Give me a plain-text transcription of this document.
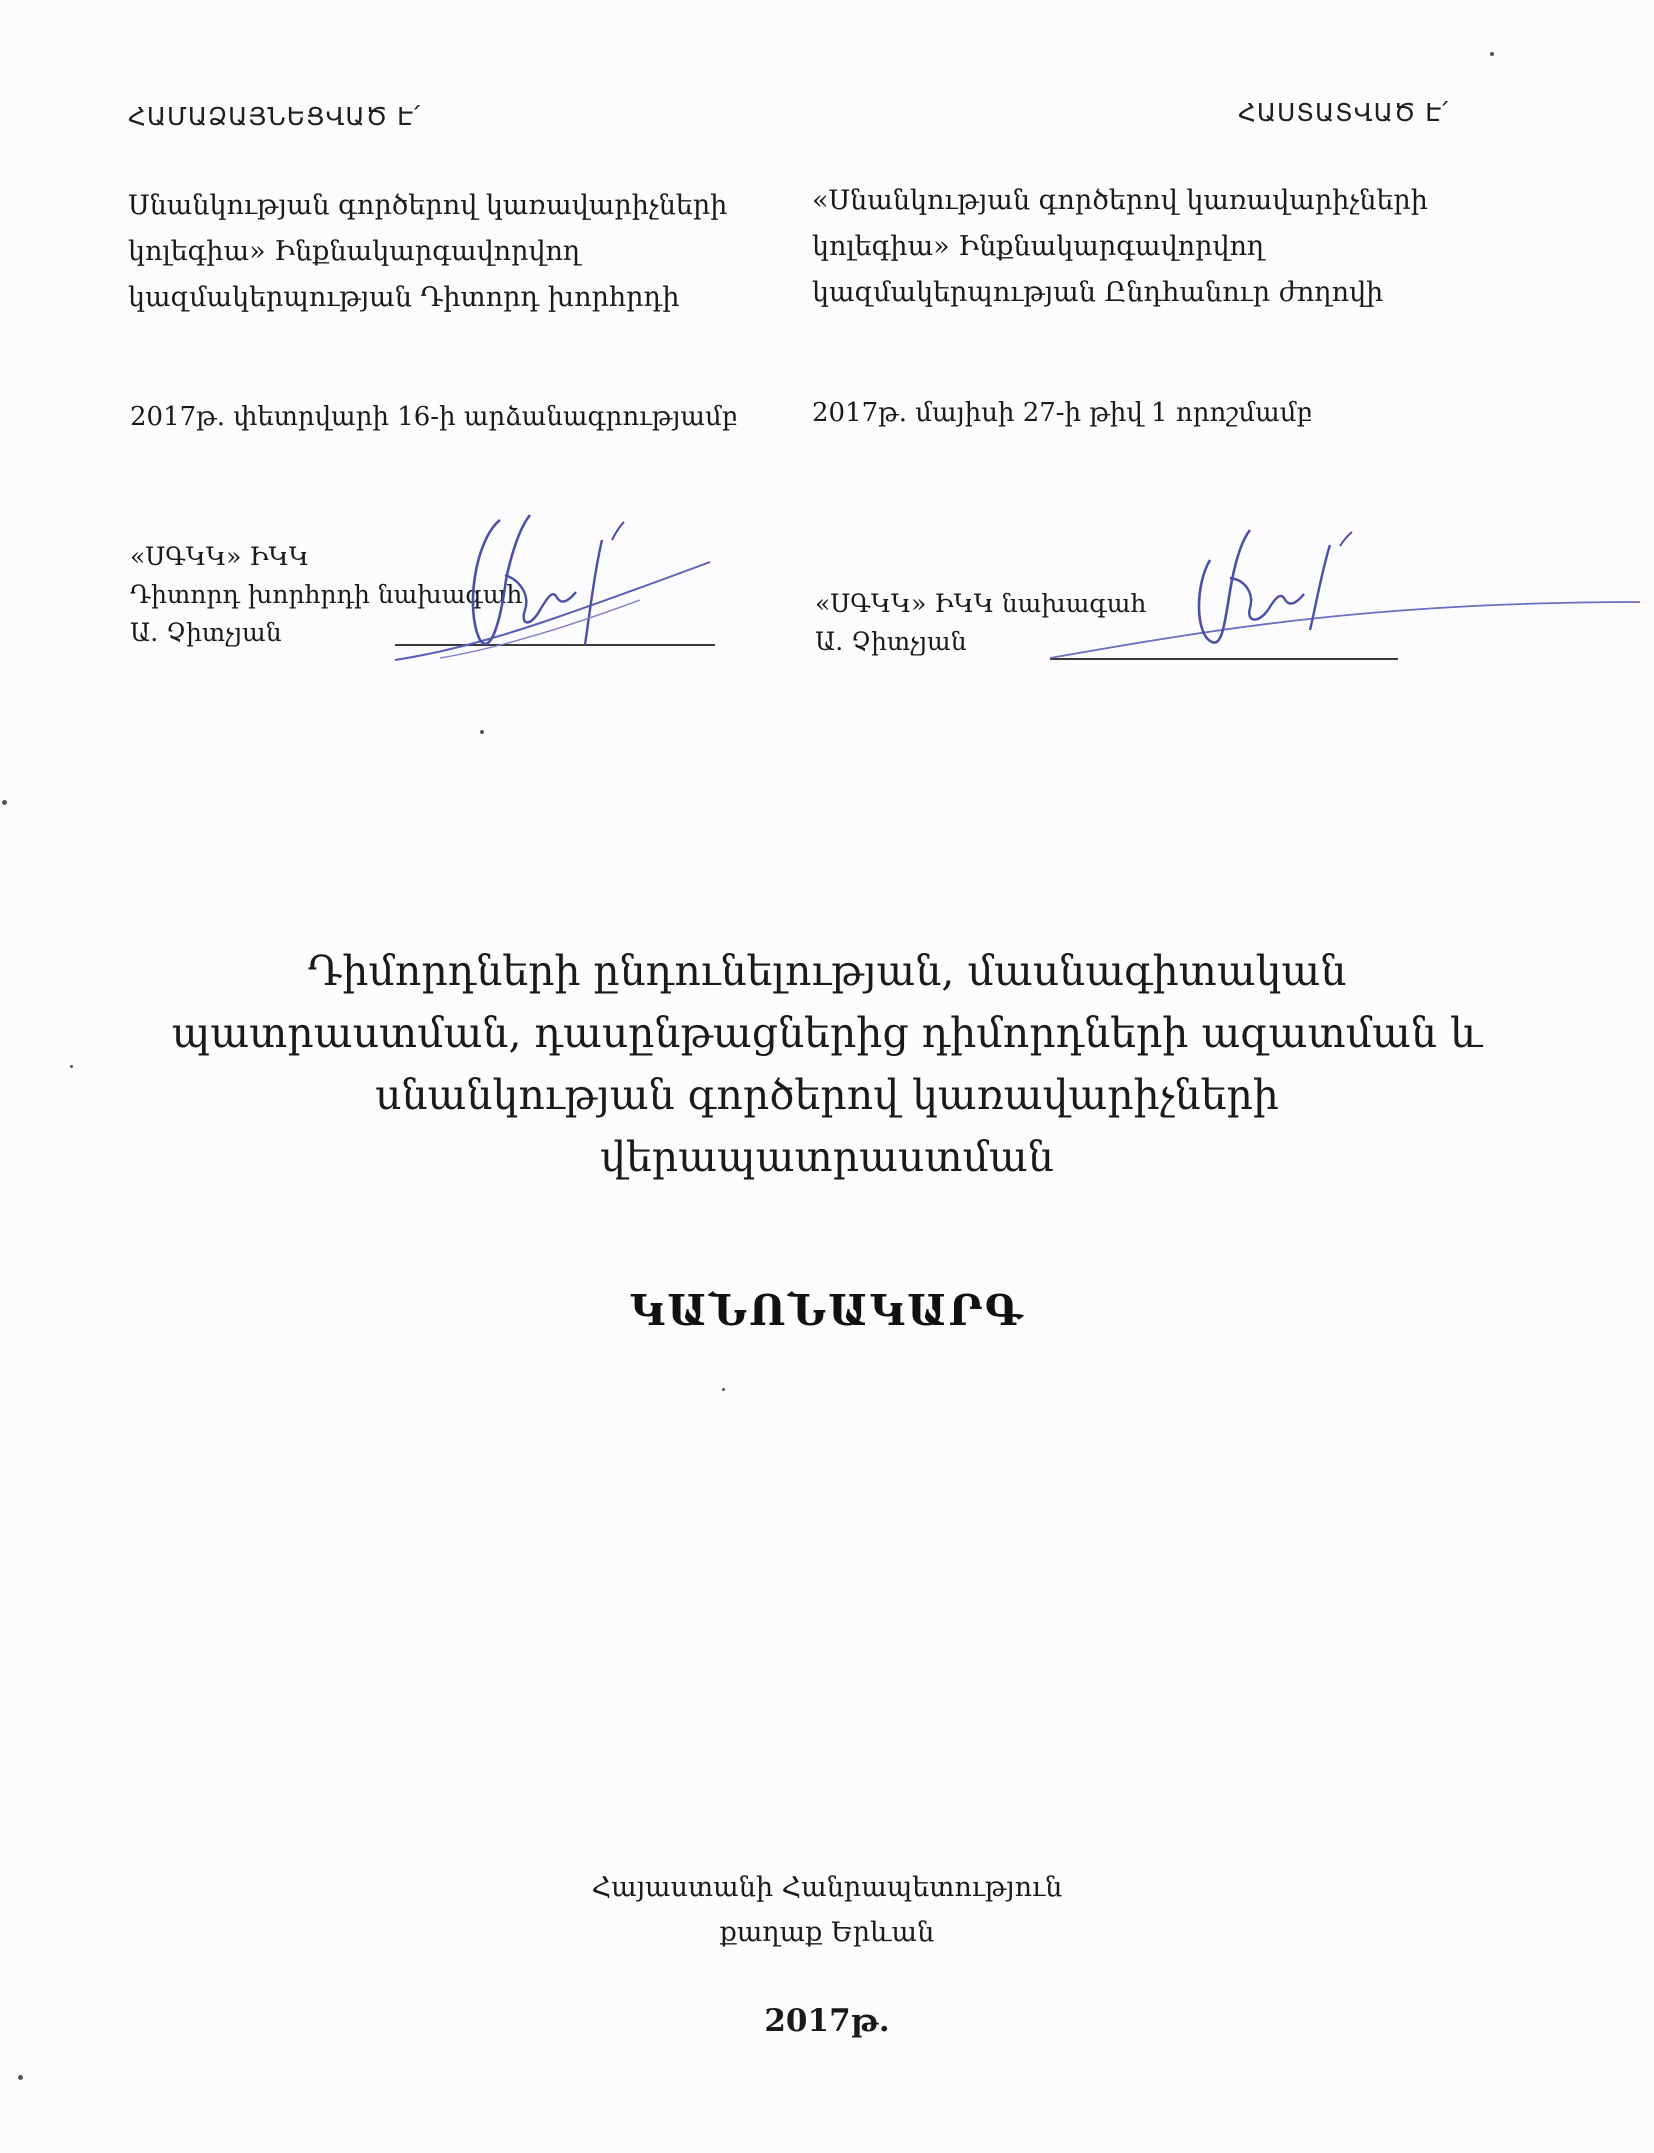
ՀԱՄԱՁԱՅՆԵՑՎԱԾ Է՛	ՀԱՍՏԱՏՎԱԾ Է՛
Սնանկության գործերով կառավարիչների
կոլեգիա» Ինքնակարգավորվող
կազմակերպության Դիտորդ խորհրդի
«Սնանկության գործերով կառավարիչների
կոլեգիա» Ինքնակարգավորվող
կազմակերպության Ընդհանուր ժողովի
2017թ. փետրվարի 16-ի արձանագրությամբ	2017թ. մայիսի 27-ի թիվ 1 որոշմամբ
«ՍԳԿԿ» ԻԿԿ
Դիտորդ խորհրդի նախագահ
Ա. Չիտչյան
«ՍԳԿԿ» ԻԿԿ նախագահ
Ա. Չիտչյան
Դիմորդների ընդունելության, մասնագիտական
պատրաստման, դասընթացներից դիմորդների ազատման և
սնանկության գործերով կառավարիչների
վերապատրաստման
ԿԱՆՈՆԱԿԱՐԳ
Հայաստանի Հանրապետություն
քաղաք Երևան
2017թ.
